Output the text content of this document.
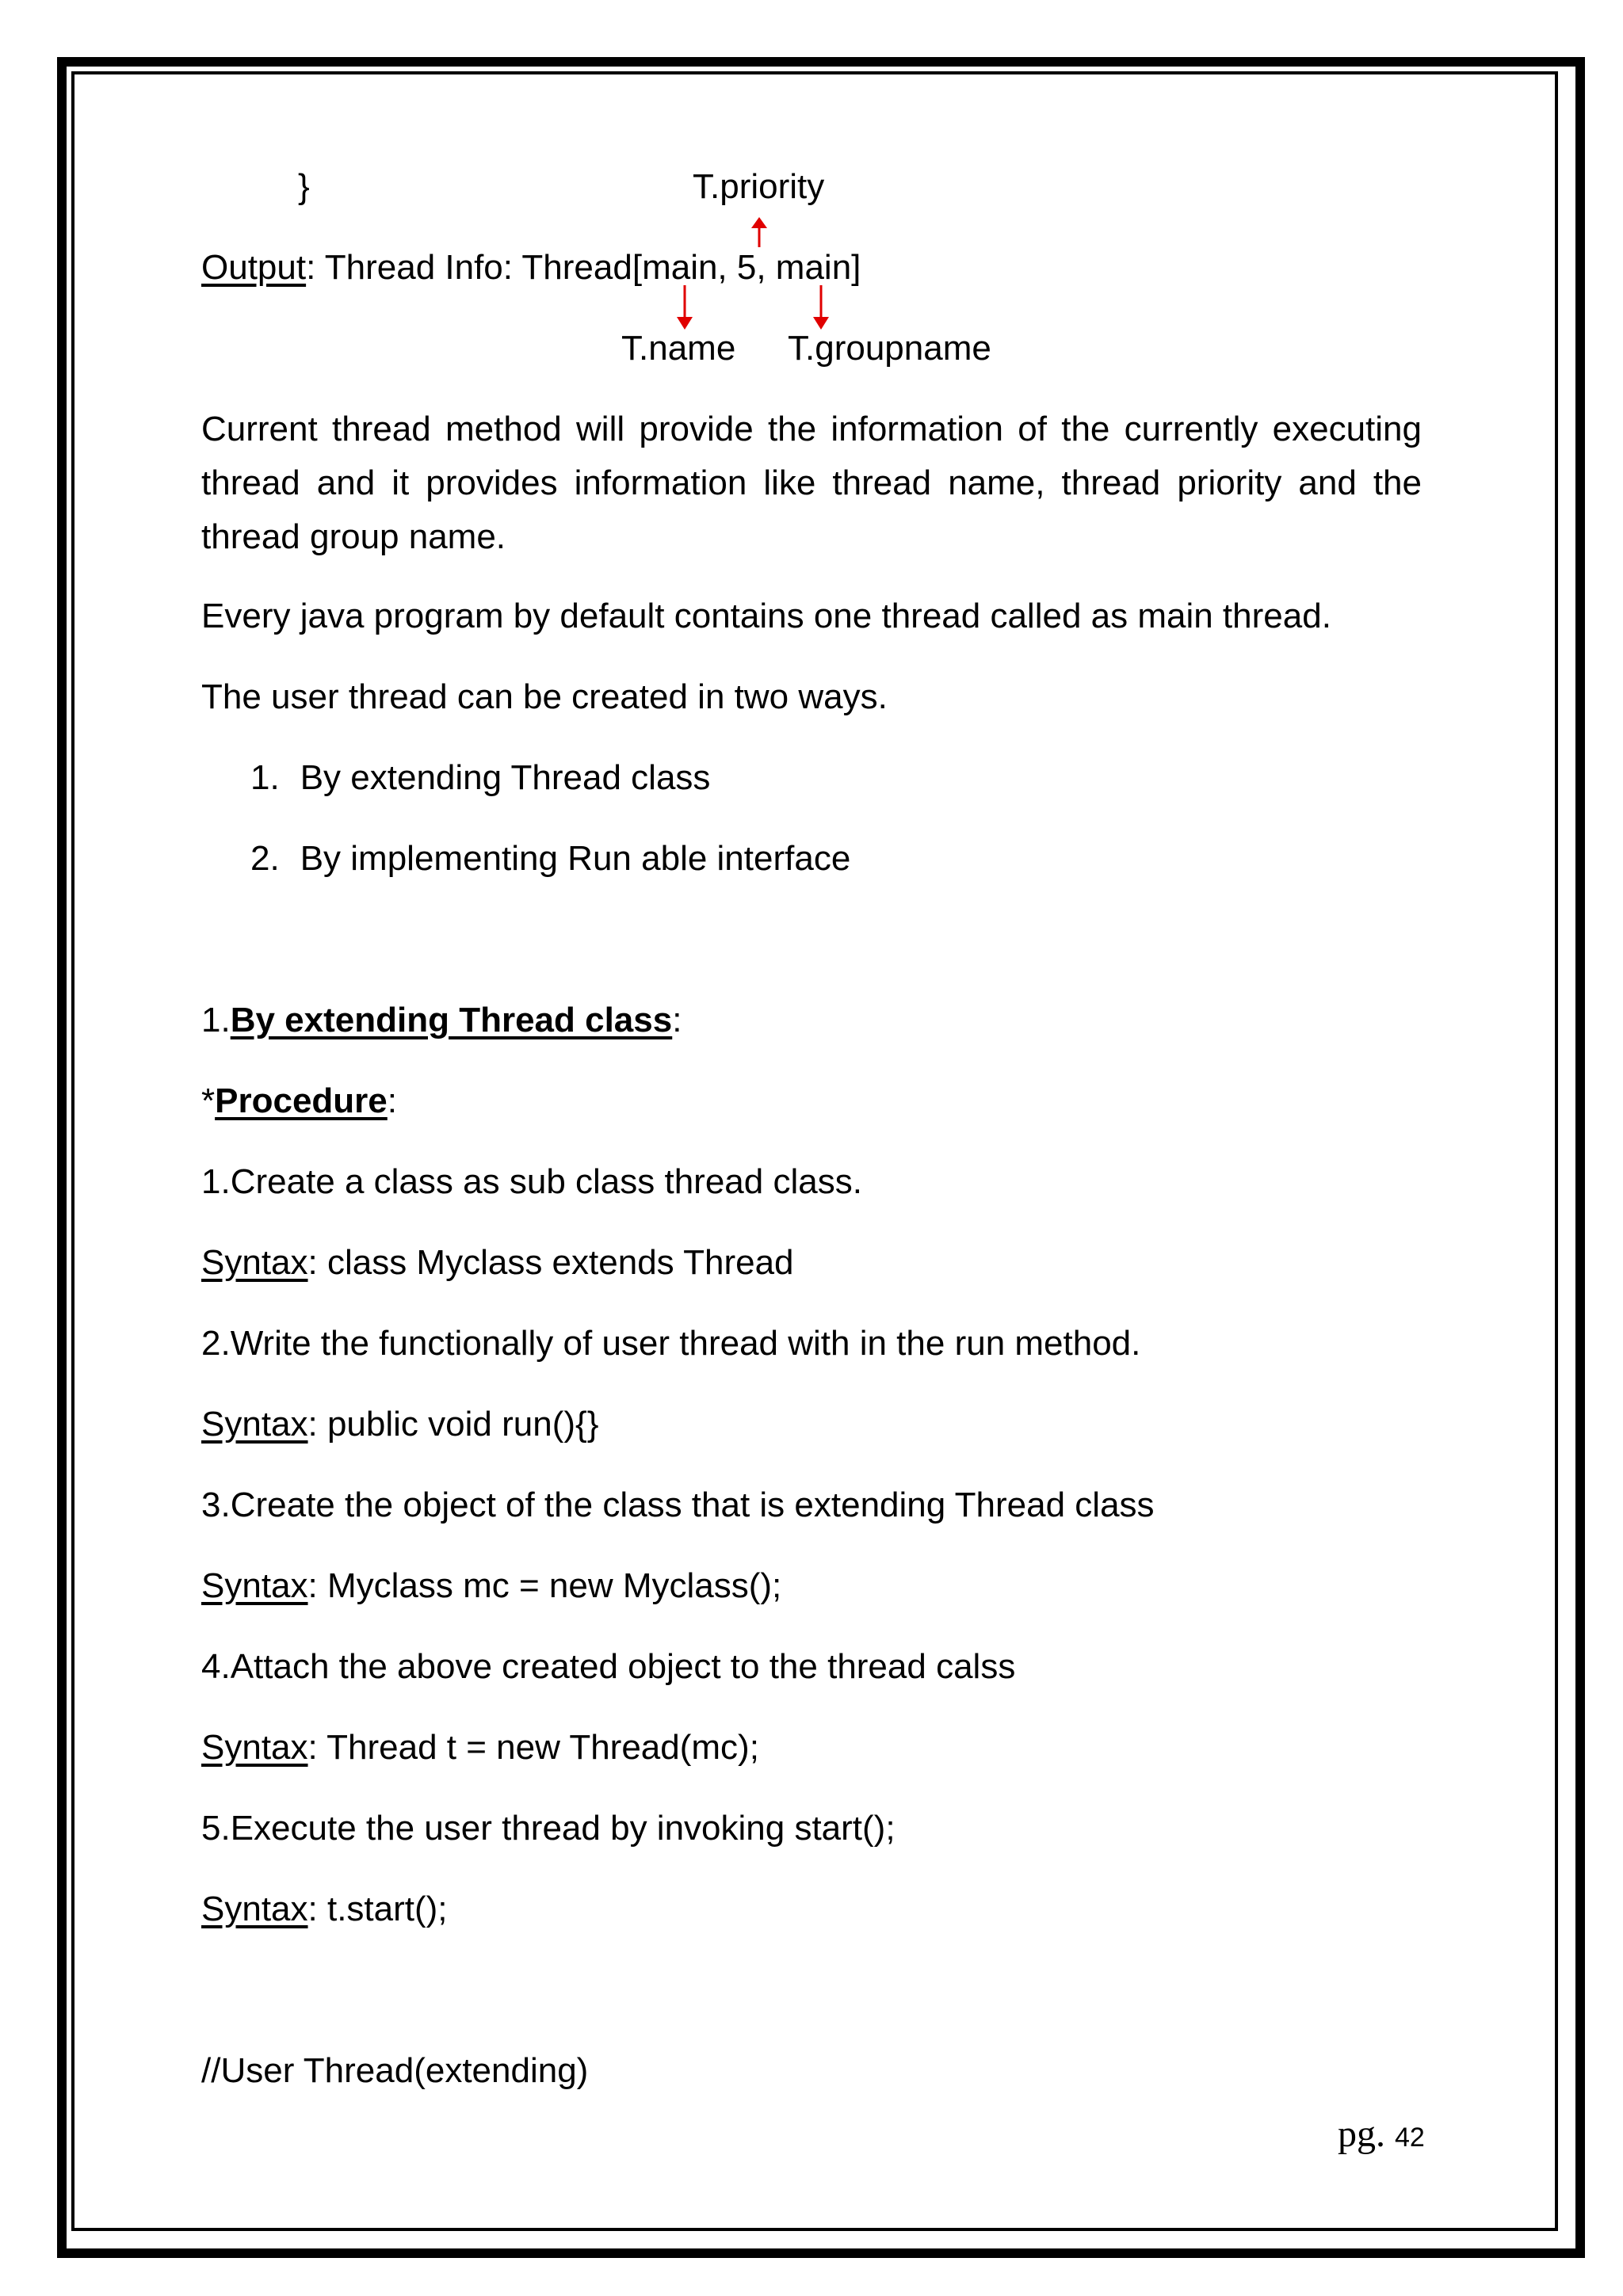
}	T.priority
Output: Thread Info: Thread[main, 5, main]
T.name T.groupname
Current thread method will provide the information of the currently executing thread and it provides information like thread name, thread priority and the thread group name.
Every java program by default contains one thread called as main thread.
The user thread can be created in two ways.
1. By extending Thread class
2. By implementing Run able interface
1.By extending Thread class:
*Procedure:
1.Create a class as sub class thread class.
Syntax: class Myclass extends Thread
2.Write the functionally of user thread with in the run method.
Syntax: public void run(){}
3.Create the object of the class that is extending Thread class
Syntax: Myclass mc = new Myclass();
4.Attach the above created object to the thread calss
Syntax: Thread t = new Thread(mc);
5.Execute the user thread by invoking start();
Syntax: t.start();
//User Thread(extending)
pg. 42
